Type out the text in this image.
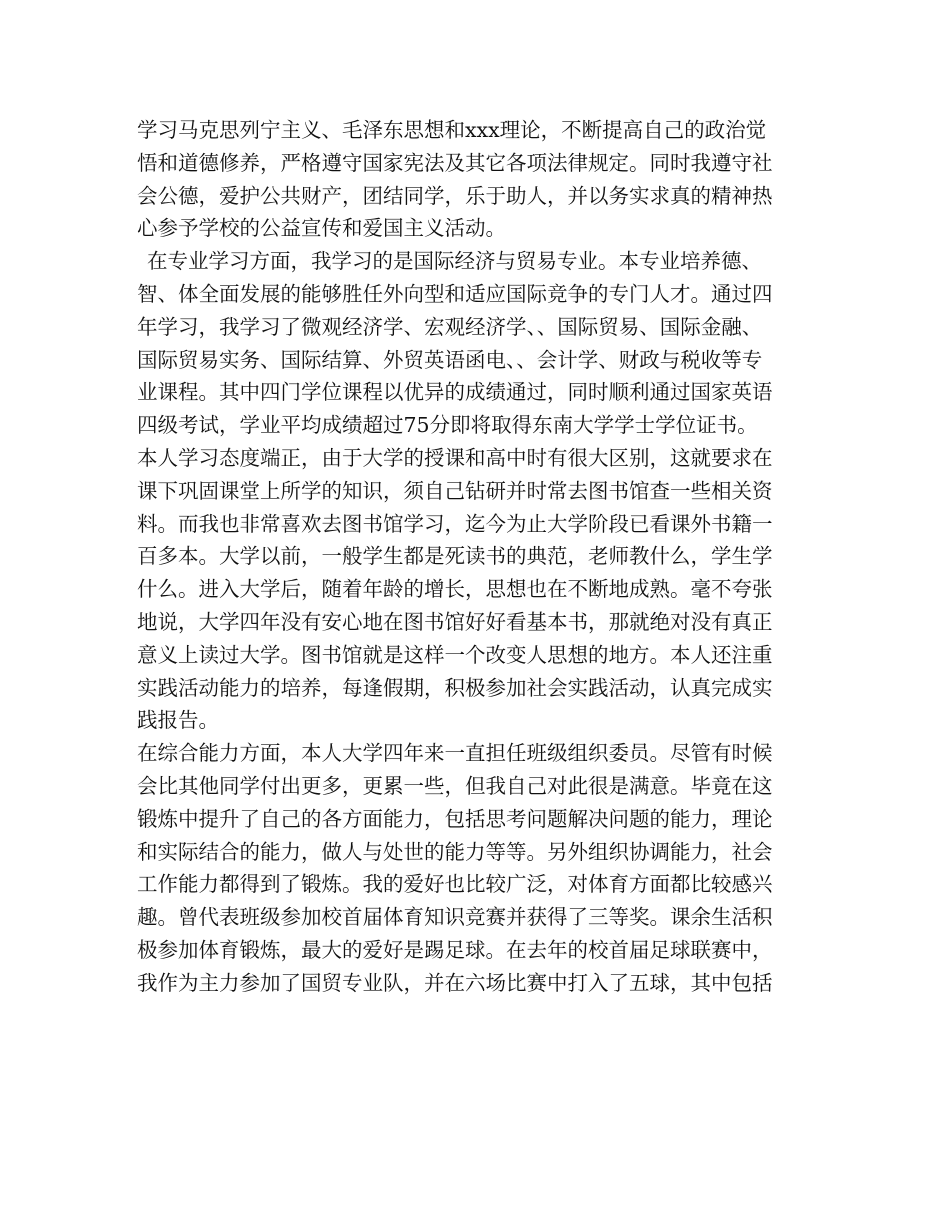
学习马克思列宁主义、毛泽东思想和xxx理论，不断提高自己的政治觉
悟和道德修养，严格遵守国家宪法及其它各项法律规定。同时我遵守社
会公德，爱护公共财产，团结同学，乐于助人，并以务实求真的精神热
心参予学校的公益宣传和爱国主义活动。
在专业学习方面，我学习的是国际经济与贸易专业。本专业培养德、
智、体全面发展的能够胜任外向型和适应国际竞争的专门人才。通过四
年学习，我学习了微观经济学、宏观经济学、、国际贸易、国际金融、
国际贸易实务、国际结算、外贸英语函电、、会计学、财政与税收等专
业课程。其中四门学位课程以优异的成绩通过，同时顺利通过国家英语
四级考试，学业平均成绩超过75分即将取得东南大学学士学位证书。
本人学习态度端正，由于大学的授课和高中时有很大区别，这就要求在
课下巩固课堂上所学的知识，须自己钻研并时常去图书馆查一些相关资
料。而我也非常喜欢去图书馆学习，迄今为止大学阶段已看课外书籍一
百多本。大学以前，一般学生都是死读书的典范，老师教什么，学生学
什么。进入大学后，随着年龄的增长，思想也在不断地成熟。毫不夸张
地说，大学四年没有安心地在图书馆好好看基本书，那就绝对没有真正
意义上读过大学。图书馆就是这样一个改变人思想的地方。本人还注重
实践活动能力的培养，每逢假期，积极参加社会实践活动，认真完成实
践报告。
在综合能力方面，本人大学四年来一直担任班级组织委员。尽管有时候
会比其他同学付出更多，更累一些，但我自己对此很是满意。毕竟在这
锻炼中提升了自己的各方面能力，包括思考问题解决问题的能力，理论
和实际结合的能力，做人与处世的能力等等。另外组织协调能力，社会
工作能力都得到了锻炼。我的爱好也比较广泛，对体育方面都比较感兴
趣。曾代表班级参加校首届体育知识竞赛并获得了三等奖。课余生活积
极参加体育锻炼，最大的爱好是踢足球。在去年的校首届足球联赛中，
我作为主力参加了国贸专业队，并在六场比赛中打入了五球，其中包括
